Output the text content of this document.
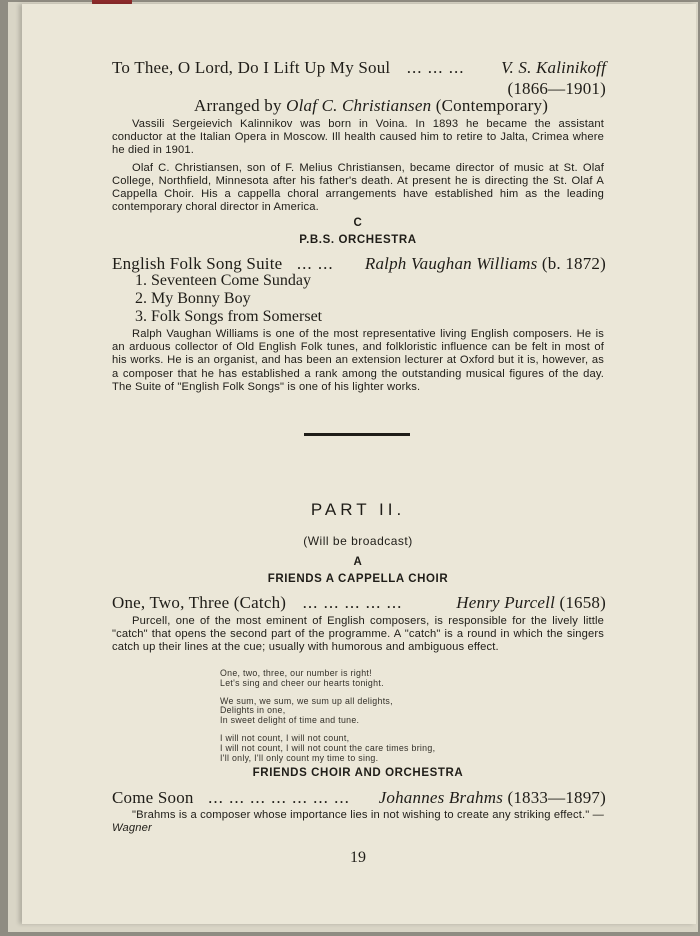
To Thee, O Lord, Do I Lift Up My Soul ... ... ... V. S. Kalinikoff
(1866—1901)
Arranged by Olaf C. Christiansen (Contemporary)

Vassili Sergeievich Kalinnikov was born in Voina. In 1893 he became the assistant conductor at the Italian Opera in Moscow. Ill health caused him to retire to Jalta, Crimea where he died in 1901.

Olaf C. Christiansen, son of F. Melius Christiansen, became director of music at St. Olaf College, Northfield, Minnesota after his father's death. At present he is directing the St. Olaf A Cappella Choir. His a cappella choral arrangements have established him as the leading contemporary choral director in America.

C
P.B.S. ORCHESTRA
English Folk Song Suite ... ... Ralph Vaughan Williams (b. 1872)
1. Seventeen Come Sunday
2. My Bonny Boy
3. Folk Songs from Somerset

Ralph Vaughan Williams is one of the most representative living English composers. He is an arduous collector of Old English Folk tunes, and folkloristic influence can be felt in most of his works. He is an organist, and has been an extension lecturer at Oxford but it is, however, as a composer that he has established a rank among the outstanding musical figures of the day. The Suite of "English Folk Songs" is one of his lighter works.

PART II.
(Will be broadcast)
A
FRIENDS A CAPPELLA CHOIR
One, Two, Three (Catch) ... ... ... ... ...	Henry Purcell (1658)

Purcell, one of the most eminent of English composers, is responsible for the lively little "catch" that opens the second part of the programme. A "catch" is a round in which the singers catch up their lines at the cue; usually with humorous and ambiguous effect.

One, two, three, our number is right!
Let's sing and cheer our hearts tonight.
We sum, we sum, we sum up all delights,
Delights in one,
In sweet delight of time and tune.
I will not count, I will not count,
I will not count, I will not count the care times bring,
I'll only, I'll only count my time to sing.
FRIENDS CHOIR AND ORCHESTRA
Come Soon ... ... ... ... ... ... ... Johannes Brahms (1833—1897)

"Brahms is a composer whose importance lies in not wishing to create any striking effect." — Wagner

19
